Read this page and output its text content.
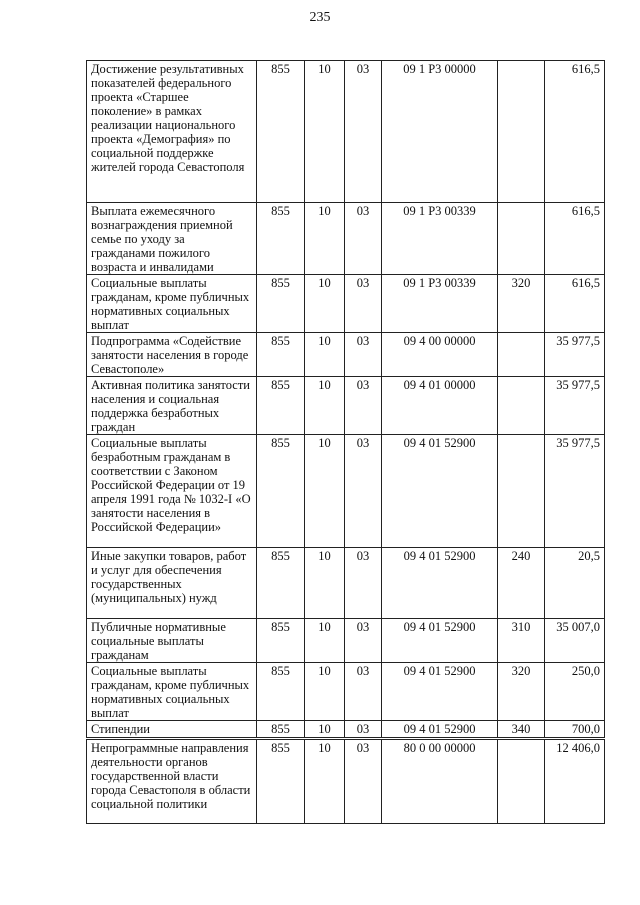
235
Достижение результативных показателей федерального проекта «Старшее поколение» в рамках реализации национального проекта «Демография» по социальной поддержке жителей города Севастополя	855	10	03	09 1 P3 00000		616,5
Выплата ежемесячного вознаграждения приемной семье по уходу за гражданами пожилого возраста и инвалидами	855	10	03	09 1 P3 00339		616,5
Социальные выплаты гражданам, кроме публичных нормативных социальных выплат	855	10	03	09 1 P3 00339	320	616,5
Подпрограмма «Содействие занятости населения в городе Севастополе»	855	10	03	09 4 00 00000		35 977,5
Активная политика занятости населения и социальная поддержка безработных граждан	855	10	03	09 4 01 00000		35 977,5
Социальные выплаты безработным гражданам в соответствии с Законом Российской Федерации от 19 апреля 1991 года № 1032-I «О занятости населения в Российской Федерации»	855	10	03	09 4 01 52900		35 977,5
Иные закупки товаров, работ и услуг для обеспечения государственных (муниципальных) нужд	855	10	03	09 4 01 52900	240	20,5
Публичные нормативные социальные выплаты гражданам	855	10	03	09 4 01 52900	310	35 007,0
Социальные выплаты гражданам, кроме публичных нормативных социальных выплат	855	10	03	09 4 01 52900	320	250,0
Стипендии	855	10	03	09 4 01 52900	340	700,0
Непрограммные направления деятельности органов государственной власти города Севастополя в области социальной политики	855	10	03	80 0 00 00000		12 406,0
